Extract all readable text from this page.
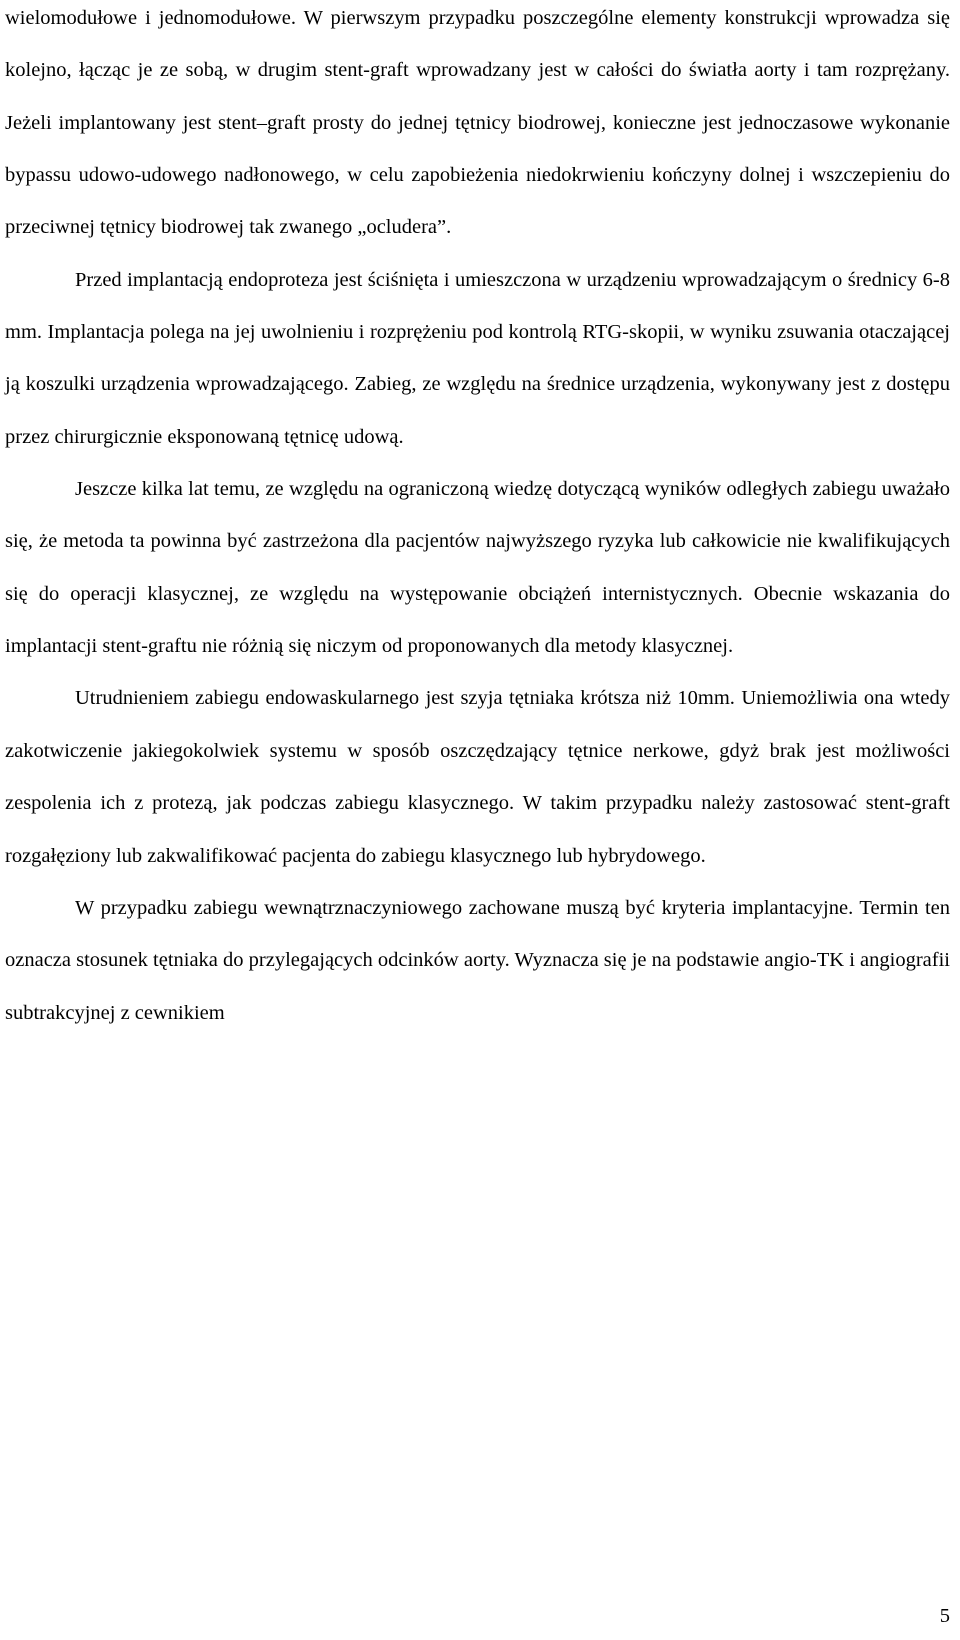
wielomodułowe i jednomodułowe. W pierwszym przypadku poszczególne elementy konstrukcji wprowadza się kolejno, łącząc je ze sobą, w drugim stent-graft wprowadzany jest w całości do światła aorty i tam rozprężany. Jeżeli implantowany jest stent–graft prosty do jednej tętnicy biodrowej, konieczne jest jednoczasowe wykonanie bypassu udowo-udowego nadłonowego, w celu zapobieżenia niedokrwieniu kończyny dolnej i wszczepieniu do przeciwnej tętnicy biodrowej tak zwanego „ocludera”.

Przed implantacją endoproteza jest ściśnięta i umieszczona w urządzeniu wprowadzającym o średnicy 6-8 mm. Implantacja polega na jej uwolnieniu i rozprężeniu pod kontrolą RTG-skopii, w wyniku zsuwania otaczającej ją koszulki urządzenia wprowadzającego. Zabieg, ze względu na średnice urządzenia, wykonywany jest z dostępu przez chirurgicznie eksponowaną tętnicę udową.

Jeszcze kilka lat temu, ze względu na ograniczoną wiedzę dotyczącą wyników odległych zabiegu uważało się, że metoda ta powinna być zastrzeżona dla pacjentów najwyższego ryzyka lub całkowicie nie kwalifikujących się do operacji klasycznej, ze względu na występowanie obciążeń internistycznych. Obecnie wskazania do implantacji stent-graftu nie różnią się niczym od proponowanych dla metody klasycznej.

Utrudnieniem zabiegu endowaskularnego jest szyja tętniaka krótsza niż 10mm. Uniemożliwia ona wtedy zakotwiczenie jakiegokolwiek systemu w sposób oszczędzający tętnice nerkowe, gdyż brak jest możliwości zespolenia ich z protezą, jak podczas zabiegu klasycznego. W takim przypadku należy zastosować stent-graft rozgałęziony lub zakwalifikować pacjenta do zabiegu klasycznego lub hybrydowego.

W przypadku zabiegu wewnątrznaczyniowego zachowane muszą być kryteria implantacyjne. Termin ten oznacza stosunek tętniaka do przylegających odcinków aorty. Wyznacza się je na podstawie angio-TK i angiografii subtrakcyjnej z cewnikiem

5
